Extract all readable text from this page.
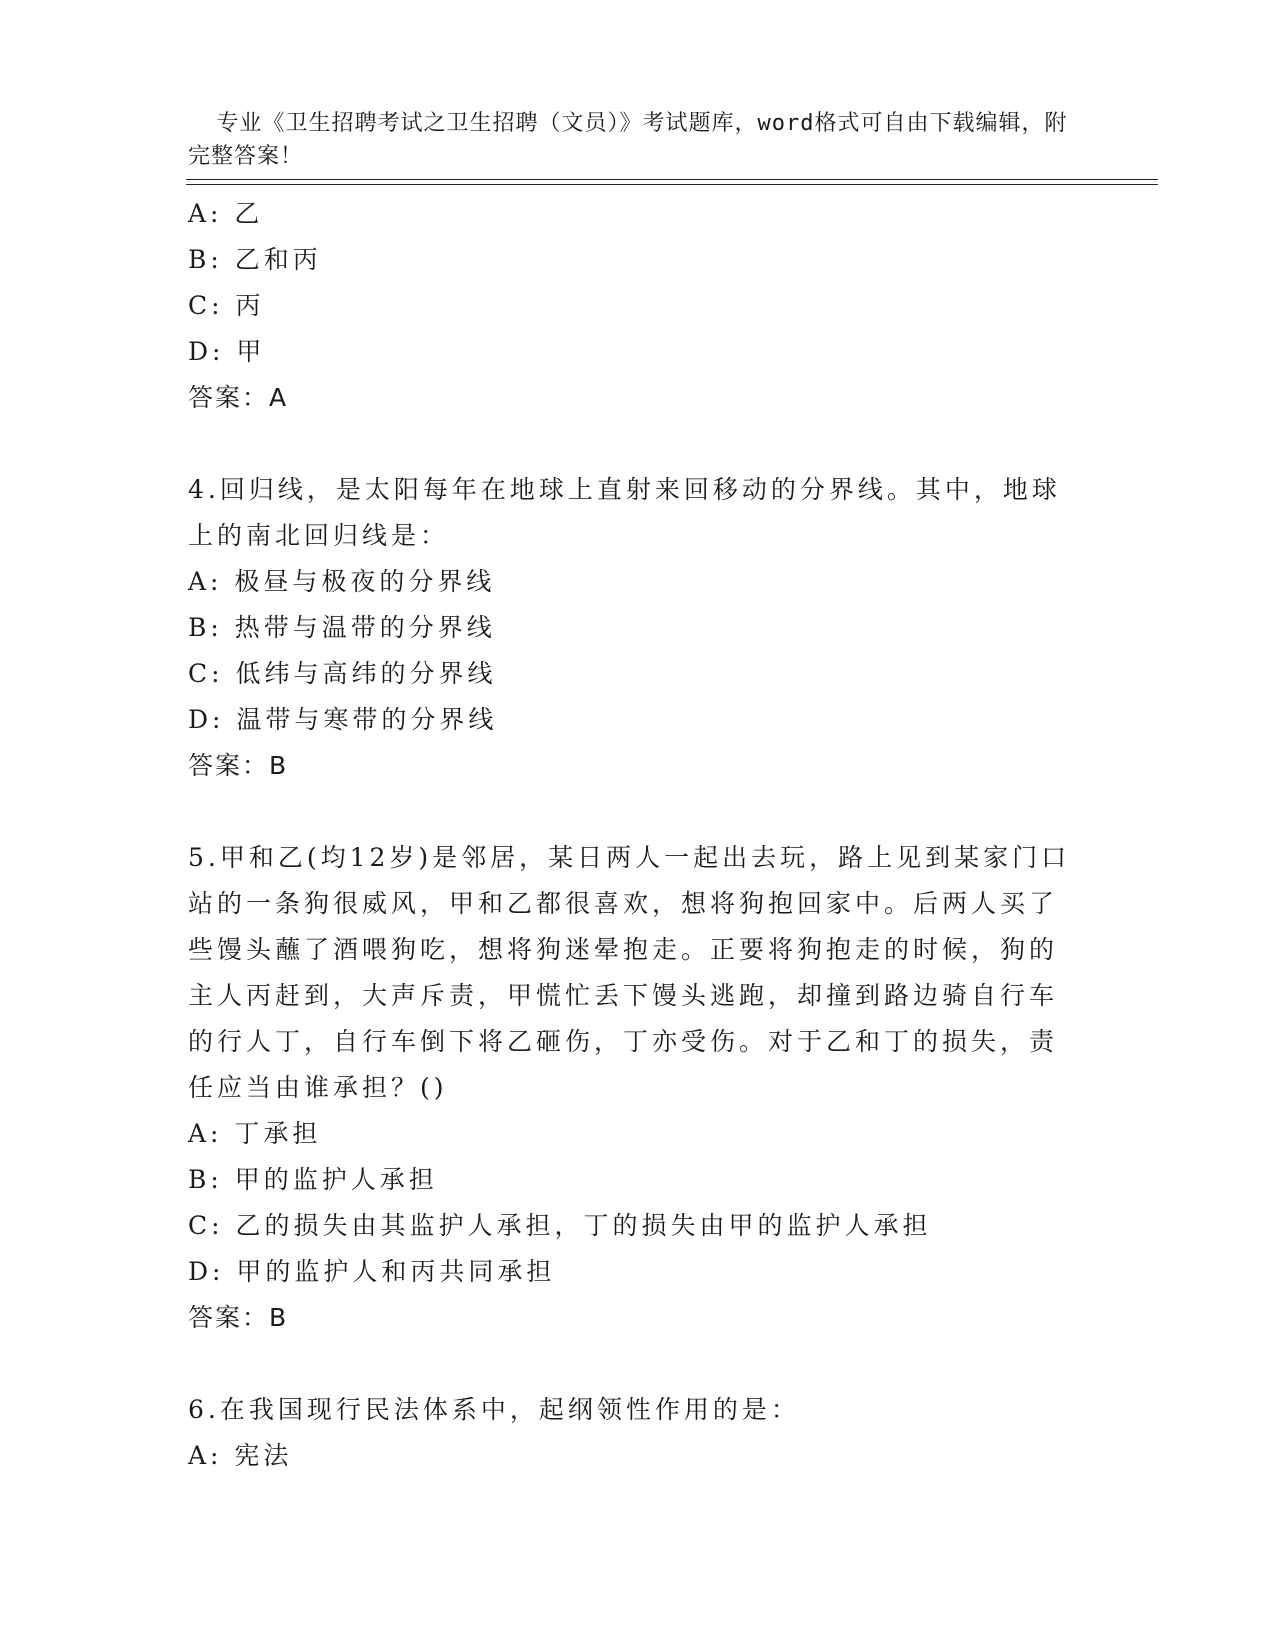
专业《卫生招聘考试之卫生招聘（文员）》考试题库，word格式可自由下载编辑，附完整答案！

A: 乙
B: 乙和丙
C: 丙
D: 甲
答案：A
4.回归线，是太阳每年在地球上直射来回移动的分界线。其中，地球
上的南北回归线是：
A: 极昼与极夜的分界线
B: 热带与温带的分界线
C: 低纬与高纬的分界线
D: 温带与寒带的分界线
答案：B
5.甲和乙(均12岁)是邻居，某日两人一起出去玩，路上见到某家门口
站的一条狗很威风，甲和乙都很喜欢，想将狗抱回家中。后两人买了
些馒头蘸了酒喂狗吃，想将狗迷晕抱走。正要将狗抱走的时候，狗的
主人丙赶到，大声斥责，甲慌忙丢下馒头逃跑，却撞到路边骑自行车
的行人丁，自行车倒下将乙砸伤，丁亦受伤。对于乙和丁的损失，责
任应当由谁承担？()
A: 丁承担
B: 甲的监护人承担
C: 乙的损失由其监护人承担，丁的损失由甲的监护人承担
D: 甲的监护人和丙共同承担
答案：B
6.在我国现行民法体系中，起纲领性作用的是：
A: 宪法
